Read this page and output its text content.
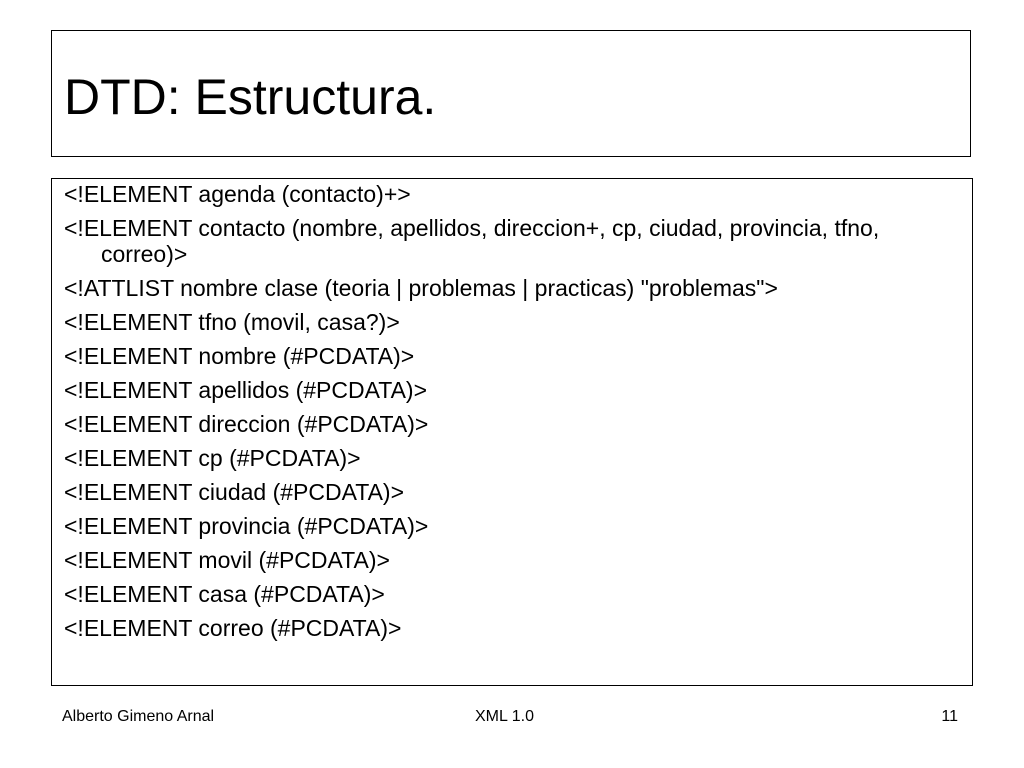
DTD: Estructura.
<!ELEMENT agenda (contacto)+>
<!ELEMENT contacto (nombre, apellidos, direccion+, cp, ciudad, provincia, tfno, correo)>
<!ATTLIST nombre clase (teoria | problemas | practicas) "problemas">
<!ELEMENT tfno (movil, casa?)>
<!ELEMENT nombre (#PCDATA)>
<!ELEMENT apellidos (#PCDATA)>
<!ELEMENT direccion (#PCDATA)>
<!ELEMENT cp (#PCDATA)>
<!ELEMENT ciudad (#PCDATA)>
<!ELEMENT provincia (#PCDATA)>
<!ELEMENT movil (#PCDATA)>
<!ELEMENT casa (#PCDATA)>
<!ELEMENT correo (#PCDATA)>
Alberto Gimeno Arnal	XML 1.0	11
